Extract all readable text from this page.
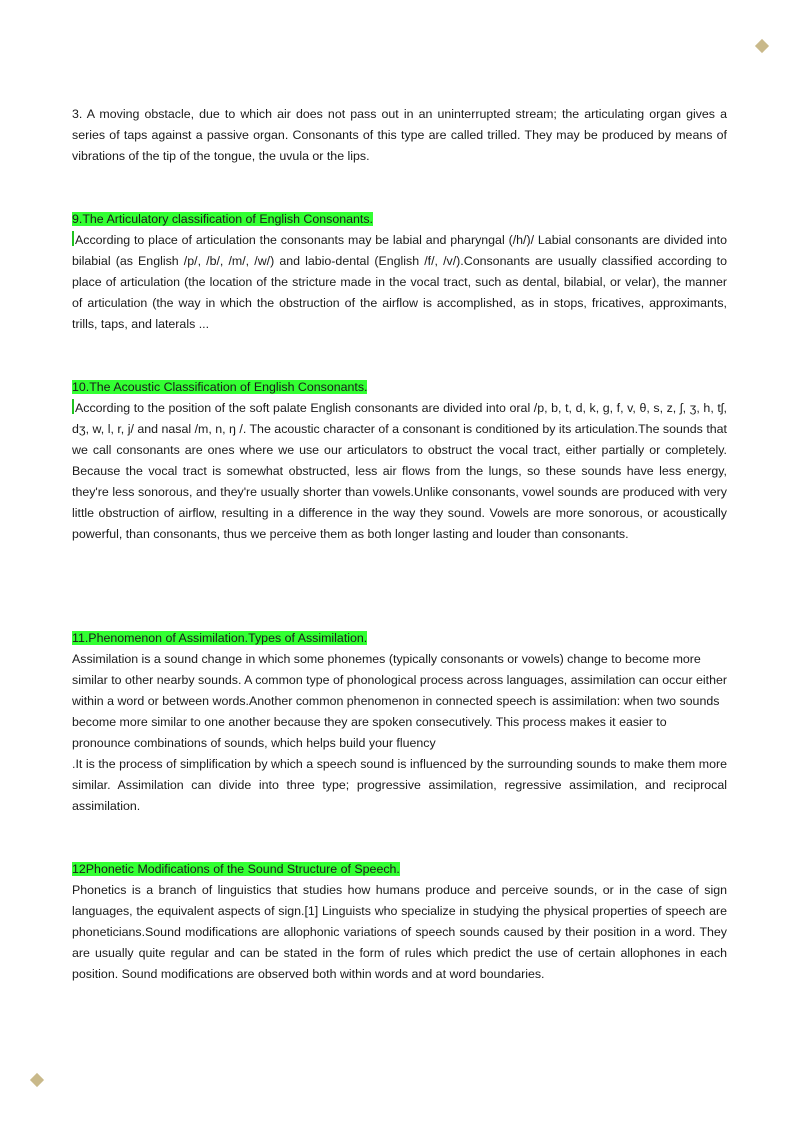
3. A moving obstacle, due to which air does not pass out in an uninterrupted stream; the articulating organ gives a series of taps against a passive organ. Consonants of this type are called trilled. They may be produced by means of vibrations of the tip of the tongue, the uvula or the lips.

9.The Articulatory classification of English Consonants.

According to place of articulation the consonants may be labial and pharyngal (/h/)/ Labial consonants are divided into bilabial (as English /p/, /b/, /m/, /w/) and labio-dental (English /f/, /v/).Consonants are usually classified according to place of articulation (the location of the stricture made in the vocal tract, such as dental, bilabial, or velar), the manner of articulation (the way in which the obstruction of the airflow is accomplished, as in stops, fricatives, approximants, trills, taps, and laterals ...

10.The Acoustic Classification of English Consonants.

According to the position of the soft palate English consonants are divided into oral /p, b, t, d, k, g, f, v, θ, s, z, ʃ, ʒ, h, tʃ, dʒ, w, l, r, j/ and nasal /m, n, ŋ /. The acoustic character of a consonant is conditioned by its articulation.The sounds that we call consonants are ones where we use our articulators to obstruct the vocal tract, either partially or completely. Because the vocal tract is somewhat obstructed, less air flows from the lungs, so these sounds have less energy, they're less sonorous, and they're usually shorter than vowels.Unlike consonants, vowel sounds are produced with very little obstruction of airflow, resulting in a difference in the way they sound. Vowels are more sonorous, or acoustically powerful, than consonants, thus we perceive them as both longer lasting and louder than consonants.

11.Phenomenon of Assimilation.Types of Assimilation.

Assimilation is a sound change in which some phonemes (typically consonants or vowels) change to become more similar to other nearby sounds. A common type of phonological process across languages, assimilation can occur either within a word or between words.Another common phenomenon in connected speech is assimilation: when two sounds become more similar to one another because they are spoken consecutively. This process makes it easier to pronounce combinations of sounds, which helps build your fluency

.It is the process of simplification by which a speech sound is influenced by the surrounding sounds to make them more similar. Assimilation can divide into three type; progressive assimilation, regressive assimilation, and reciprocal assimilation.

12Phonetic Modifications of the Sound Structure of Speech.

Phonetics is a branch of linguistics that studies how humans produce and perceive sounds, or in the case of sign languages, the equivalent aspects of sign.[1] Linguists who specialize in studying the physical properties of speech are phoneticians.Sound modifications are allophonic variations of speech sounds caused by their position in a word. They are usually quite regular and can be stated in the form of rules which predict the use of certain allophones in each position. Sound modifications are observed both within words and at word boundaries.
